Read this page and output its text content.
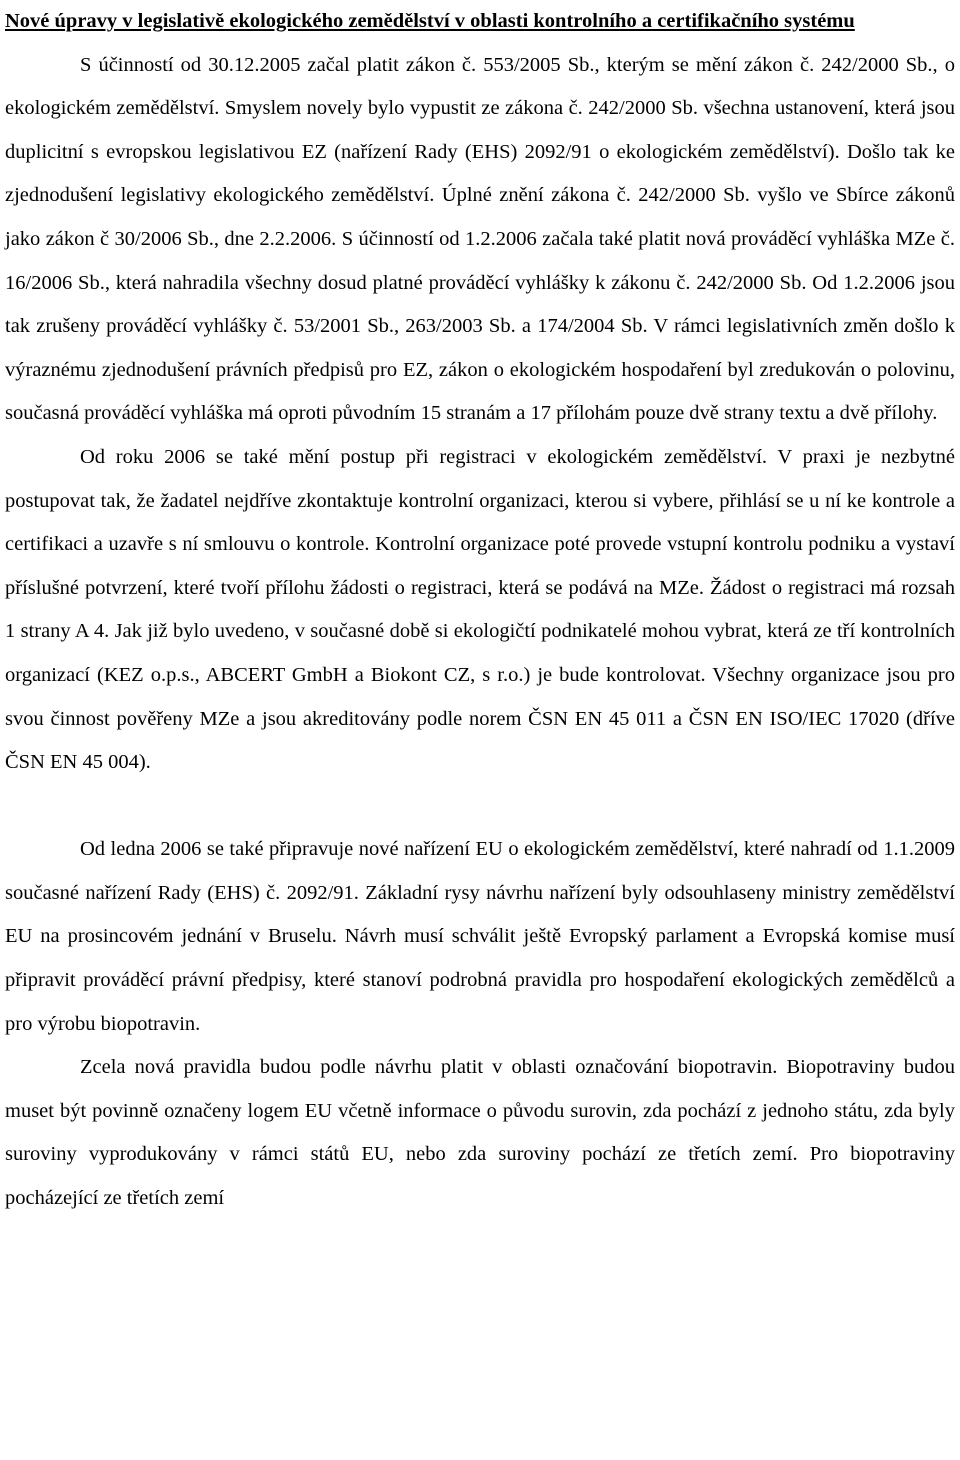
Nové úpravy v legislativě ekologického zemědělství v oblasti kontrolního a certifikačního systému

S účinností od 30.12.2005 začal platit zákon č. 553/2005 Sb., kterým se mění zákon č. 242/2000 Sb., o ekologickém zemědělství. Smyslem novely bylo vypustit ze zákona č. 242/2000 Sb. všechna ustanovení, která jsou duplicitní s evropskou legislativou EZ (nařízení Rady (EHS) 2092/91 o ekologickém zemědělství). Došlo tak ke zjednodušení legislativy ekologického zemědělství. Úplné znění zákona č. 242/2000 Sb. vyšlo ve Sbírce zákonů jako zákon č 30/2006 Sb., dne 2.2.2006. S účinností od 1.2.2006 začala také platit nová prováděcí vyhláška MZe č. 16/2006 Sb., která nahradila všechny dosud platné prováděcí vyhlášky k zákonu č. 242/2000 Sb. Od 1.2.2006 jsou tak zrušeny prováděcí vyhlášky č. 53/2001 Sb., 263/2003 Sb. a 174/2004 Sb. V rámci legislativních změn došlo k výraznému zjednodušení právních předpisů pro EZ, zákon o ekologickém hospodaření byl zredukován o polovinu, současná prováděcí vyhláška má oproti původním 15 stranám a 17 přílohám pouze dvě strany textu a dvě přílohy.

Od roku 2006 se také mění postup při registraci v ekologickém zemědělství. V praxi je nezbytné postupovat tak, že žadatel nejdříve zkontaktuje kontrolní organizaci, kterou si vybere, přihlásí se u ní ke kontrole a certifikaci a uzavře s ní smlouvu o kontrole. Kontrolní organizace poté provede vstupní kontrolu podniku a vystaví příslušné potvrzení, které tvoří přílohu žádosti o registraci, která se podává na MZe. Žádost o registraci má rozsah 1 strany A 4. Jak již bylo uvedeno, v současné době si ekologičtí podnikatelé mohou vybrat, která ze tří kontrolních organizací (KEZ o.p.s., ABCERT GmbH a Biokont CZ, s r.o.) je bude kontrolovat. Všechny organizace jsou pro svou činnost pověřeny MZe a jsou akreditovány podle norem ČSN EN 45 011 a ČSN EN ISO/IEC 17020 (dříve ČSN EN 45 004).

Od ledna 2006 se také připravuje nové nařízení EU o ekologickém zemědělství, které nahradí od 1.1.2009 současné nařízení Rady (EHS) č. 2092/91. Základní rysy návrhu nařízení byly odsouhlaseny ministry zemědělství EU na prosincovém jednání v Bruselu. Návrh musí schválit ještě Evropský parlament a Evropská komise musí připravit prováděcí právní předpisy, které stanoví podrobná pravidla pro hospodaření ekologických zemědělců a pro výrobu biopotravin.

Zcela nová pravidla budou podle návrhu platit v oblasti označování biopotravin. Biopotraviny budou muset být povinně označeny logem EU včetně informace o původu surovin, zda pochází z jednoho státu, zda byly suroviny vyprodukovány v rámci států EU, nebo zda suroviny pochází ze třetích zemí. Pro biopotraviny pocházející ze třetích zemí
